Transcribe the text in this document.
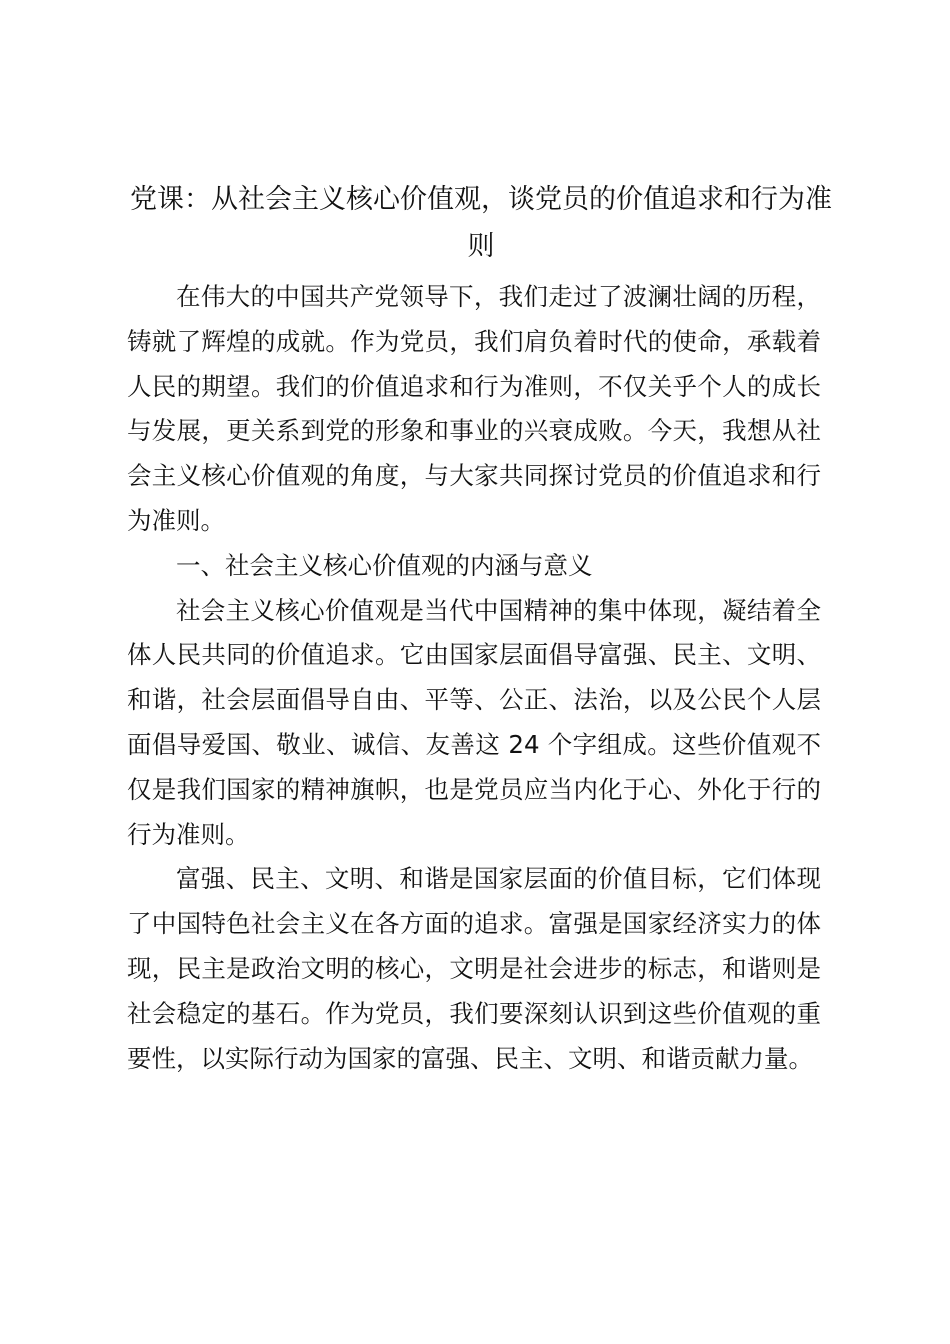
党课：从社会主义核心价值观，谈党员的价值追求和行为准则

在伟大的中国共产党领导下，我们走过了波澜壮阔的历程，铸就了辉煌的成就。作为党员，我们肩负着时代的使命，承载着人民的期望。我们的价值追求和行为准则，不仅关乎个人的成长与发展，更关系到党的形象和事业的兴衰成败。今天，我想从社会主义核心价值观的角度，与大家共同探讨党员的价值追求和行为准则。

一、社会主义核心价值观的内涵与意义

社会主义核心价值观是当代中国精神的集中体现，凝结着全体人民共同的价值追求。它由国家层面倡导富强、民主、文明、和谐，社会层面倡导自由、平等、公正、法治，以及公民个人层面倡导爱国、敬业、诚信、友善这 24 个字组成。这些价值观不仅是我们国家的精神旗帜，也是党员应当内化于心、外化于行的行为准则。

富强、民主、文明、和谐是国家层面的价值目标，它们体现了中国特色社会主义在各方面的追求。富强是国家经济实力的体现，民主是政治文明的核心，文明是社会进步的标志，和谐则是社会稳定的基石。作为党员，我们要深刻认识到这些价值观的重要性，以实际行动为国家的富强、民主、文明、和谐贡献力量。
